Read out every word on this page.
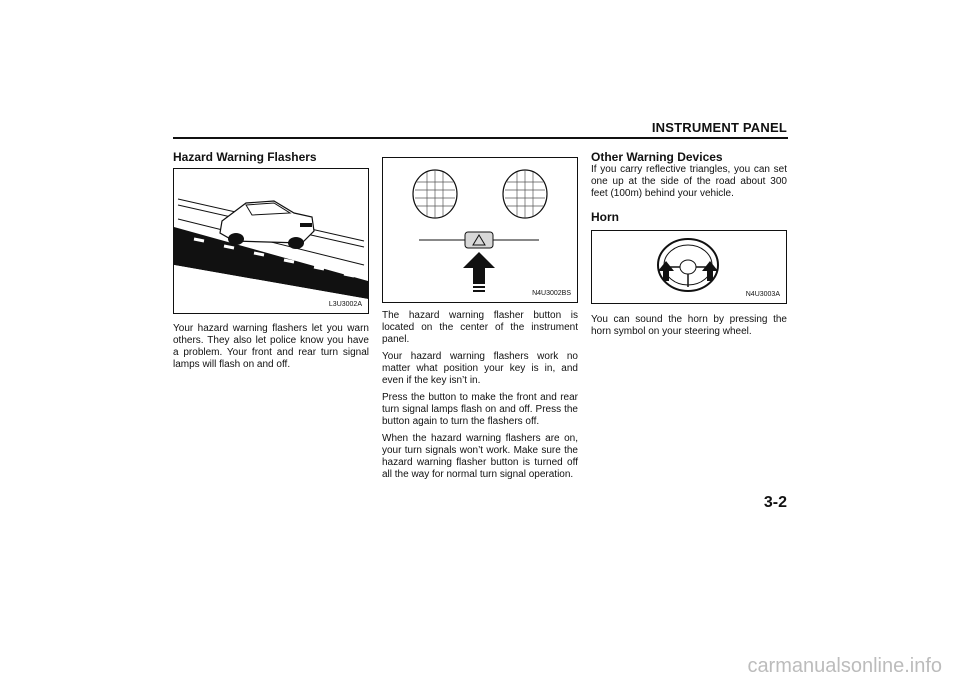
INSTRUMENT PANEL
Hazard Warning Flashers
L3U3002A

Your hazard warning flashers let you warn others. They also let police know you have a problem. Your front and rear turn signal lamps will flash on and off.

N4U3002BS

The hazard warning flasher button is located on the center of the instrument panel.

Your hazard warning flashers work no matter what position your key is in, and even if the key isn’t in.

Press the button to make the front and rear turn signal lamps flash on and off. Press the button again to turn the flashers off.

When the hazard warning flashers are on, your turn signals won’t work. Make sure the hazard warning flasher button is turned off all the way for normal turn signal operation.

Other Warning Devices

If you carry reflective triangles, you can set one up at the side of the road about 300 feet (100m) behind your vehicle.

Horn
N4U3003A

You can sound the horn by pressing the horn symbol on your steering wheel.

3-2
carmanualsonline.info
